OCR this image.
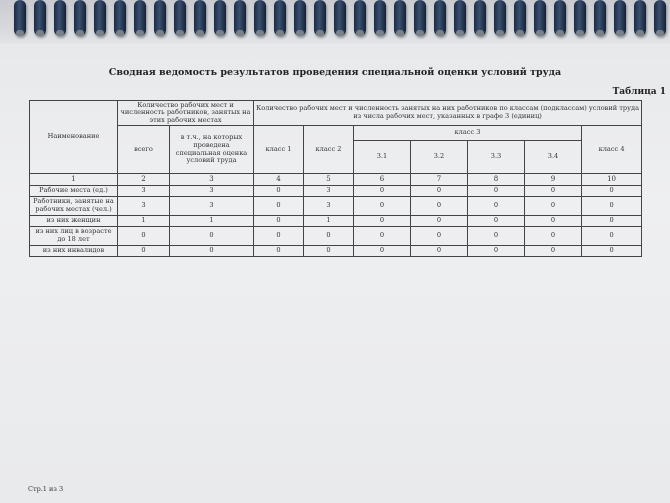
Сводная ведомость результатов проведения специальной оценки условий труда
Таблица 1
Наименование	Количество рабочих мест и численность работников, занятых на этих рабочих местах		Количество рабочих мест и численность занятых на них работников по классам (подклассам) условий труда из числа рабочих мест, указанных в графе 3 (единиц)						
	всего	в т.ч., на которых проведена специальная оценка условий труда	класс 1	класс 2	класс 3				класс 4
					3.1	3.2	3.3	3.4	
1	2	3	4	5	6	7	8	9	10
Рабочие места (ед.)	3	3	0	3	0	0	0	0	0
Работники, занятые на рабочих местах (чел.)	3	3	0	3	0	0	0	0	0
из них женщин	1	1	0	1	0	0	0	0	0
из них лиц в возрасте до 18 лет	0	0	0	0	0	0	0	0	0
из них инвалидов	0	0	0	0	0	0	0	0	0
Стр.1 из 3
